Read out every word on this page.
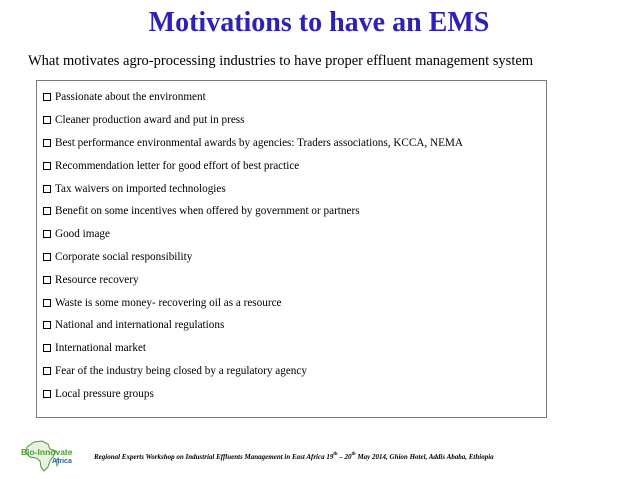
Motivations to have an EMS
What motivates agro-processing industries to have proper effluent management system
Passionate about the environment
Cleaner production award and put in press
Best performance environmental awards by agencies: Traders associations, KCCA, NEMA
Recommendation letter for good effort of best practice
Tax waivers on imported technologies
Benefit on some incentives when offered by government or partners
Good image
Corporate social responsibility
Resource recovery
Waste is some money- recovering oil as a resource
National and international regulations
International market
Fear of the industry being closed by a regulatory agency
Local pressure groups
Bio-Innovate
Africa
Regional Experts Workshop on Industrial Effluents Management in East Africa 19th – 20th May 2014, Ghion Hotel, Addis Ababa, Ethiopia
